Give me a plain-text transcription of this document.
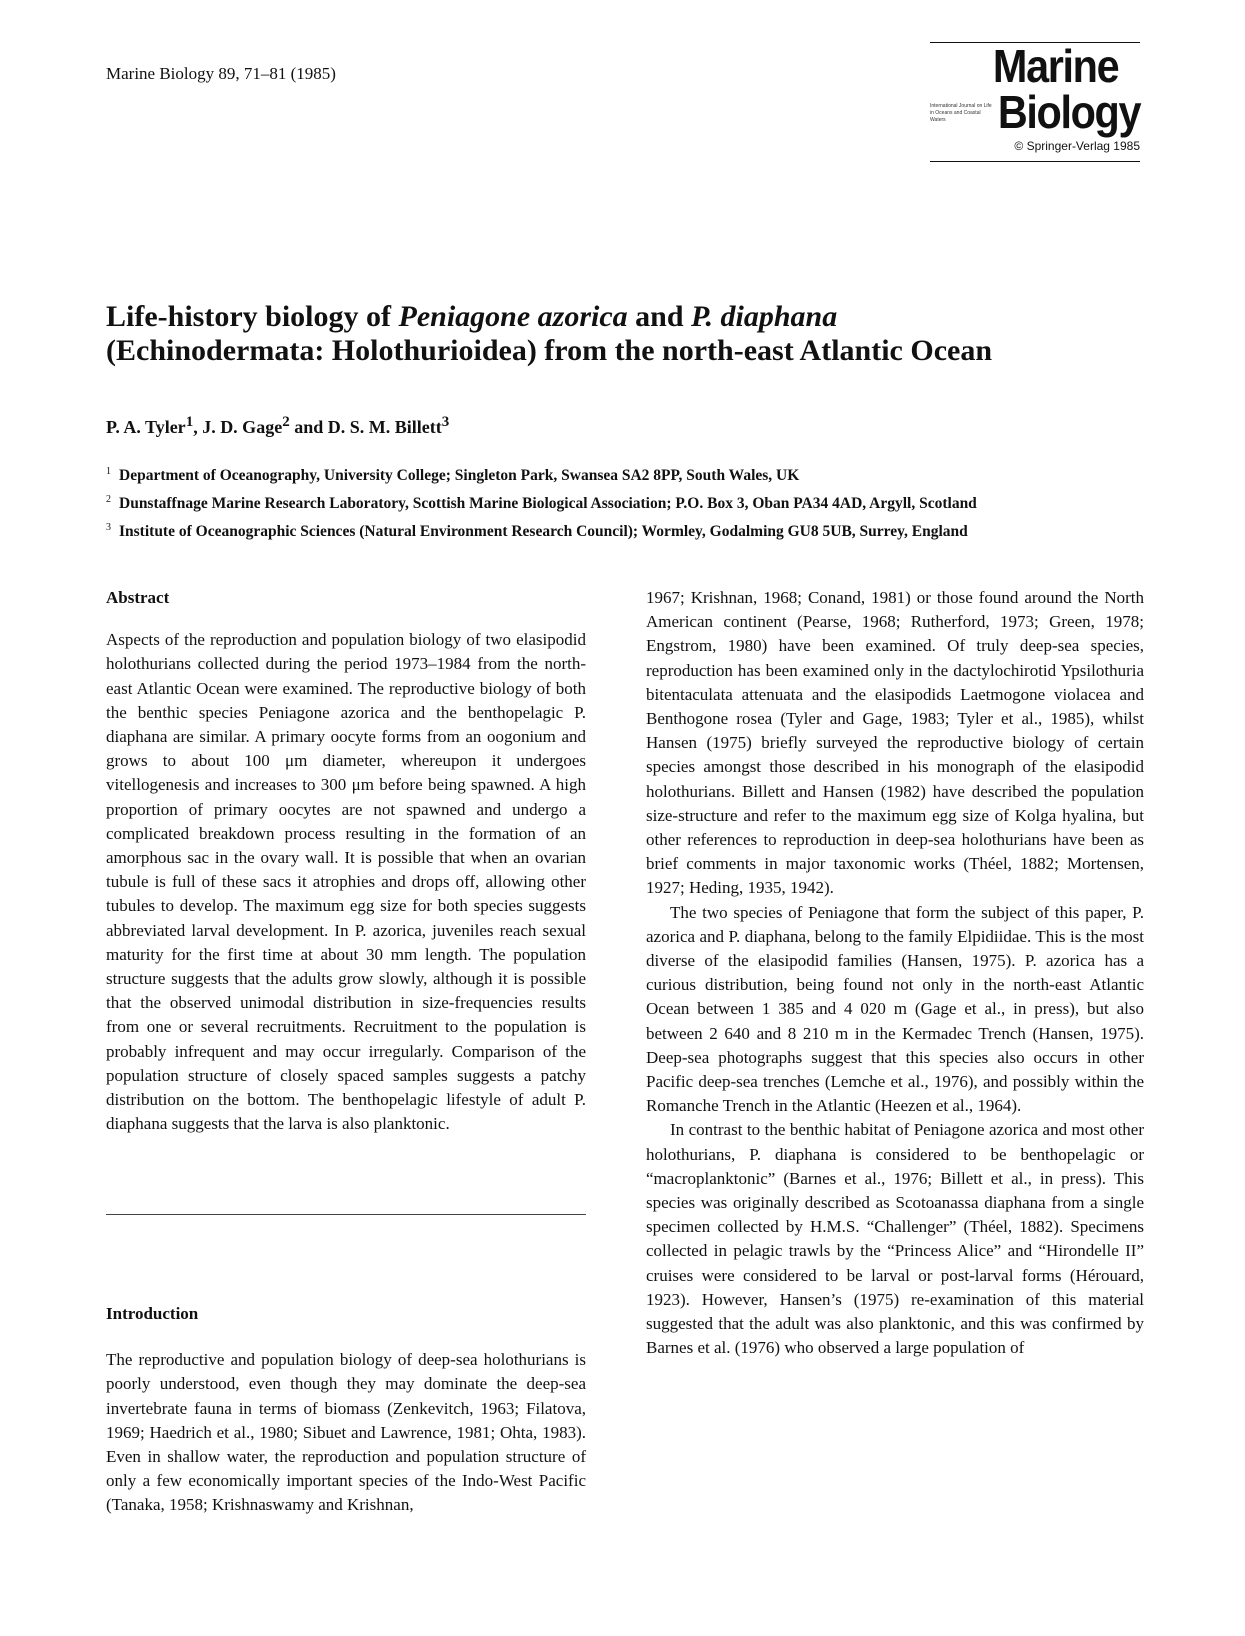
Marine Biology 89, 71–81 (1985)	Marine
International Journal on Life in Oceans and Coastal Waters	Biology
© Springer-Verlag 1985
Life-history biology of Peniagone azorica and P. diaphana
(Echinodermata: Holothurioidea) from the north-east Atlantic Ocean
P. A. Tyler$^1$, J. D. Gage$^2$ and D. S. M. Billett$^3$
$^1$ Department of Oceanography, University College; Singleton Park, Swansea SA2 8PP, South Wales, UK
$^2$ Dunstaffnage Marine Research Laboratory, Scottish Marine Biological Association; P.O. Box 3, Oban PA34 4AD, Argyll, Scotland
$^3$ Institute of Oceanographic Sciences (Natural Environment Research Council); Wormley, Godalming GU8 5UB, Surrey, England

Abstract

Aspects of the reproduction and population biology of two elasipodid holothurians collected during the period 1973–1984 from the north-east Atlantic Ocean were examined. The reproductive biology of both the benthic species Peniagone azorica and the benthopelagic P. diaphana are similar. A primary oocyte forms from an oogonium and grows to about 100 μm diameter, whereupon it undergoes vitellogenesis and increases to 300 μm before being spawned. A high proportion of primary oocytes are not spawned and undergo a complicated breakdown process resulting in the formation of an amorphous sac in the ovary wall. It is possible that when an ovarian tubule is full of these sacs it atrophies and drops off, allowing other tubules to develop. The maximum egg size for both species suggests abbreviated larval development. In P. azorica, juveniles reach sexual maturity for the first time at about 30 mm length. The population structure suggests that the adults grow slowly, although it is possible that the observed unimodal distribution in size-frequencies results from one or several recruitments. Recruitment to the population is probably infrequent and may occur irregularly. Comparison of the population structure of closely spaced samples suggests a patchy distribution on the bottom. The benthopelagic lifestyle of adult P. diaphana suggests that the larva is also planktonic.

Introduction

The reproductive and population biology of deep-sea holothurians is poorly understood, even though they may dominate the deep-sea invertebrate fauna in terms of biomass (Zenkevitch, 1963; Filatova, 1969; Haedrich et al., 1980; Sibuet and Lawrence, 1981; Ohta, 1983). Even in shallow water, the reproduction and population structure of only a few economically important species of the Indo-West Pacific (Tanaka, 1958; Krishnaswamy and Krishnan,

1967; Krishnan, 1968; Conand, 1981) or those found around the North American continent (Pearse, 1968; Rutherford, 1973; Green, 1978; Engstrom, 1980) have been examined. Of truly deep-sea species, reproduction has been examined only in the dactylochirotid Ypsilothuria bitentaculata attenuata and the elasipodids Laetmogone violacea and Benthogone rosea (Tyler and Gage, 1983; Tyler et al., 1985), whilst Hansen (1975) briefly surveyed the reproductive biology of certain species amongst those described in his monograph of the elasipodid holothurians. Billett and Hansen (1982) have described the population size-structure and refer to the maximum egg size of Kolga hyalina, but other references to reproduction in deep-sea holothurians have been as brief comments in major taxonomic works (Théel, 1882; Mortensen, 1927; Heding, 1935, 1942).

The two species of Peniagone that form the subject of this paper, P. azorica and P. diaphana, belong to the family Elpidiidae. This is the most diverse of the elasipodid families (Hansen, 1975). P. azorica has a curious distribution, being found not only in the north-east Atlantic Ocean between 1 385 and 4 020 m (Gage et al., in press), but also between 2 640 and 8 210 m in the Kermadec Trench (Hansen, 1975). Deep-sea photographs suggest that this species also occurs in other Pacific deep-sea trenches (Lemche et al., 1976), and possibly within the Romanche Trench in the Atlantic (Heezen et al., 1964).

In contrast to the benthic habitat of Peniagone azorica and most other holothurians, P. diaphana is considered to be benthopelagic or “macroplanktonic” (Barnes et al., 1976; Billett et al., in press). This species was originally described as Scotoanassa diaphana from a single specimen collected by H.M.S. “Challenger” (Théel, 1882). Specimens collected in pelagic trawls by the “Princess Alice” and “Hirondelle II” cruises were considered to be larval or post-larval forms (Hérouard, 1923). However, Hansen’s (1975) re-examination of this material suggested that the adult was also planktonic, and this was confirmed by Barnes et al. (1976) who observed a large population of
